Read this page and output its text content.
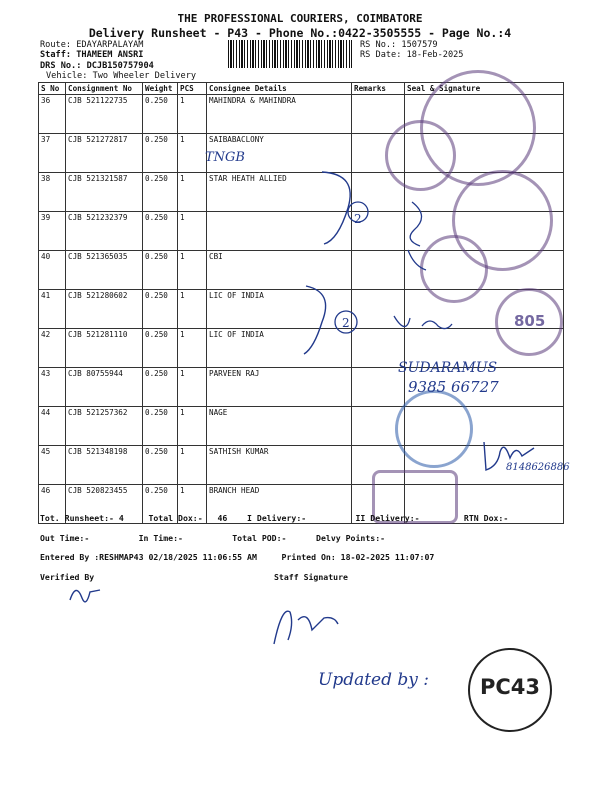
THE PROFESSIONAL COURIERS, COIMBATORE
Delivery Runsheet - P43 - Phone No.:0422-3505555 - Page No.:4
Route: EDAYARPALAYAM
Staff: THAMEEM ANSRI
DRS No.: DCJB150757904
Vehicle: Two Wheeler Delivery
RS No.: 1507579
RS Date: 18-Feb-2025
S No	Consignment No	Weight	PCS	Consignee Details	Remarks	Seal & Signature
36	CJB 521122735	0.250	1	MAHINDRA & MAHINDRA		
37	CJB 521272817	0.250	1	SAIBABACLONY		
38	CJB 521321587	0.250	1	STAR HEATH ALLIED		
39	CJB 521232379	0.250	1			
40	CJB 521365035	0.250	1	CBI		
41	CJB 521280602	0.250	1	LIC OF INDIA		
42	CJB 521281110	0.250	1	LIC OF INDIA		
43	CJB 80755944	0.250	1	PARVEEN RAJ		
44	CJB 521257362	0.250	1	NAGE		
45	CJB 521348198	0.250	1	SATHISH KUMAR		
46	CJB 520823455	0.250	1	BRANCH HEAD		
805
TNGB
2
2
SUDARAMUS
9385 66727
8148626886
Tot. Runsheet:- 4     Total Dox:-   46    I Delivery:-          II Delivery:-         RTN Dox:-
Out Time:-          In Time:-          Total POD:-      Delvy Points:-
Entered By :RESHMAP43 02/18/2025 11:06:55 AM     Printed On: 18-02-2025 11:07:07
Verified By	Staff Signature
Updated by :	PC43
